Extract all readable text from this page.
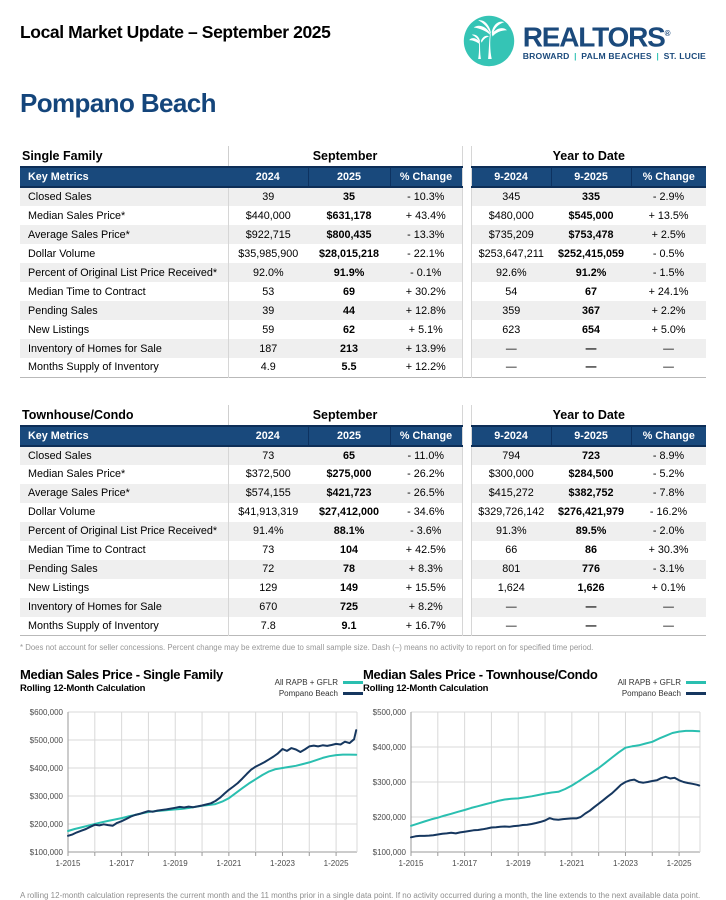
Local Market Update – September 2025	REALTORS®
BROWARD | PALM BEACHES | ST. LUCIE
Pompano Beach
Single Family	September				Year to Date		
Key Metrics	2024	2025	% Change		9-2024	9-2025	% Change
Closed Sales	39	35	- 10.3%		345	335	- 2.9%
Median Sales Price*	$440,000	$631,178	+ 43.4%		$480,000	$545,000	+ 13.5%
Average Sales Price*	$922,715	$800,435	- 13.3%		$735,209	$753,478	+ 2.5%
Dollar Volume	$35,985,900	$28,015,218	- 22.1%		$253,647,211	$252,415,059	- 0.5%
Percent of Original List Price Received*	92.0%	91.9%	- 0.1%		92.6%	91.2%	- 1.5%
Median Time to Contract	53	69	+ 30.2%		54	67	+ 24.1%
Pending Sales	39	44	+ 12.8%		359	367	+ 2.2%
New Listings	59	62	+ 5.1%		623	654	+ 5.0%
Inventory of Homes for Sale	187	213	+ 13.9%		—	—	—
Months Supply of Inventory	4.9	5.5	+ 12.2%		—	—	—
Townhouse/Condo	September				Year to Date		
Key Metrics	2024	2025	% Change		9-2024	9-2025	% Change
Closed Sales	73	65	- 11.0%		794	723	- 8.9%
Median Sales Price*	$372,500	$275,000	- 26.2%		$300,000	$284,500	- 5.2%
Average Sales Price*	$574,155	$421,723	- 26.5%		$415,272	$382,752	- 7.8%
Dollar Volume	$41,913,319	$27,412,000	- 34.6%		$329,726,142	$276,421,979	- 16.2%
Percent of Original List Price Received*	91.4%	88.1%	- 3.6%		91.3%	89.5%	- 2.0%
Median Time to Contract	73	104	+ 42.5%		66	86	+ 30.3%
Pending Sales	72	78	+ 8.3%		801	776	- 3.1%
New Listings	129	149	+ 15.5%		1,624	1,626	+ 0.1%
Inventory of Homes for Sale	670	725	+ 8.2%		—	—	—
Months Supply of Inventory	7.8	9.1	+ 16.7%		—	—	—
* Does not account for seller concessions. Percent change may be extreme due to small sample size. Dash (–) means no activity to report on for specified time period.
Median Sales Price - Single Family
Rolling 12-Month Calculation
All RAPB + GFLR
Pompano Beach
$100,000
$200,000
$300,000
$400,000
$500,000
$600,000
1-2015	1-2017	1-2019	1-2021	1-2023	1-2025
Median Sales Price - Townhouse/Condo
Rolling 12-Month Calculation
All RAPB + GFLR
Pompano Beach
$100,000
$200,000
$300,000
$400,000
$500,000
1-2015	1-2017	1-2019	1-2021	1-2023	1-2025
A rolling 12-month calculation represents the current month and the 11 months prior in a single data point. If no activity occurred during a month, the line extends to the next available data point.
